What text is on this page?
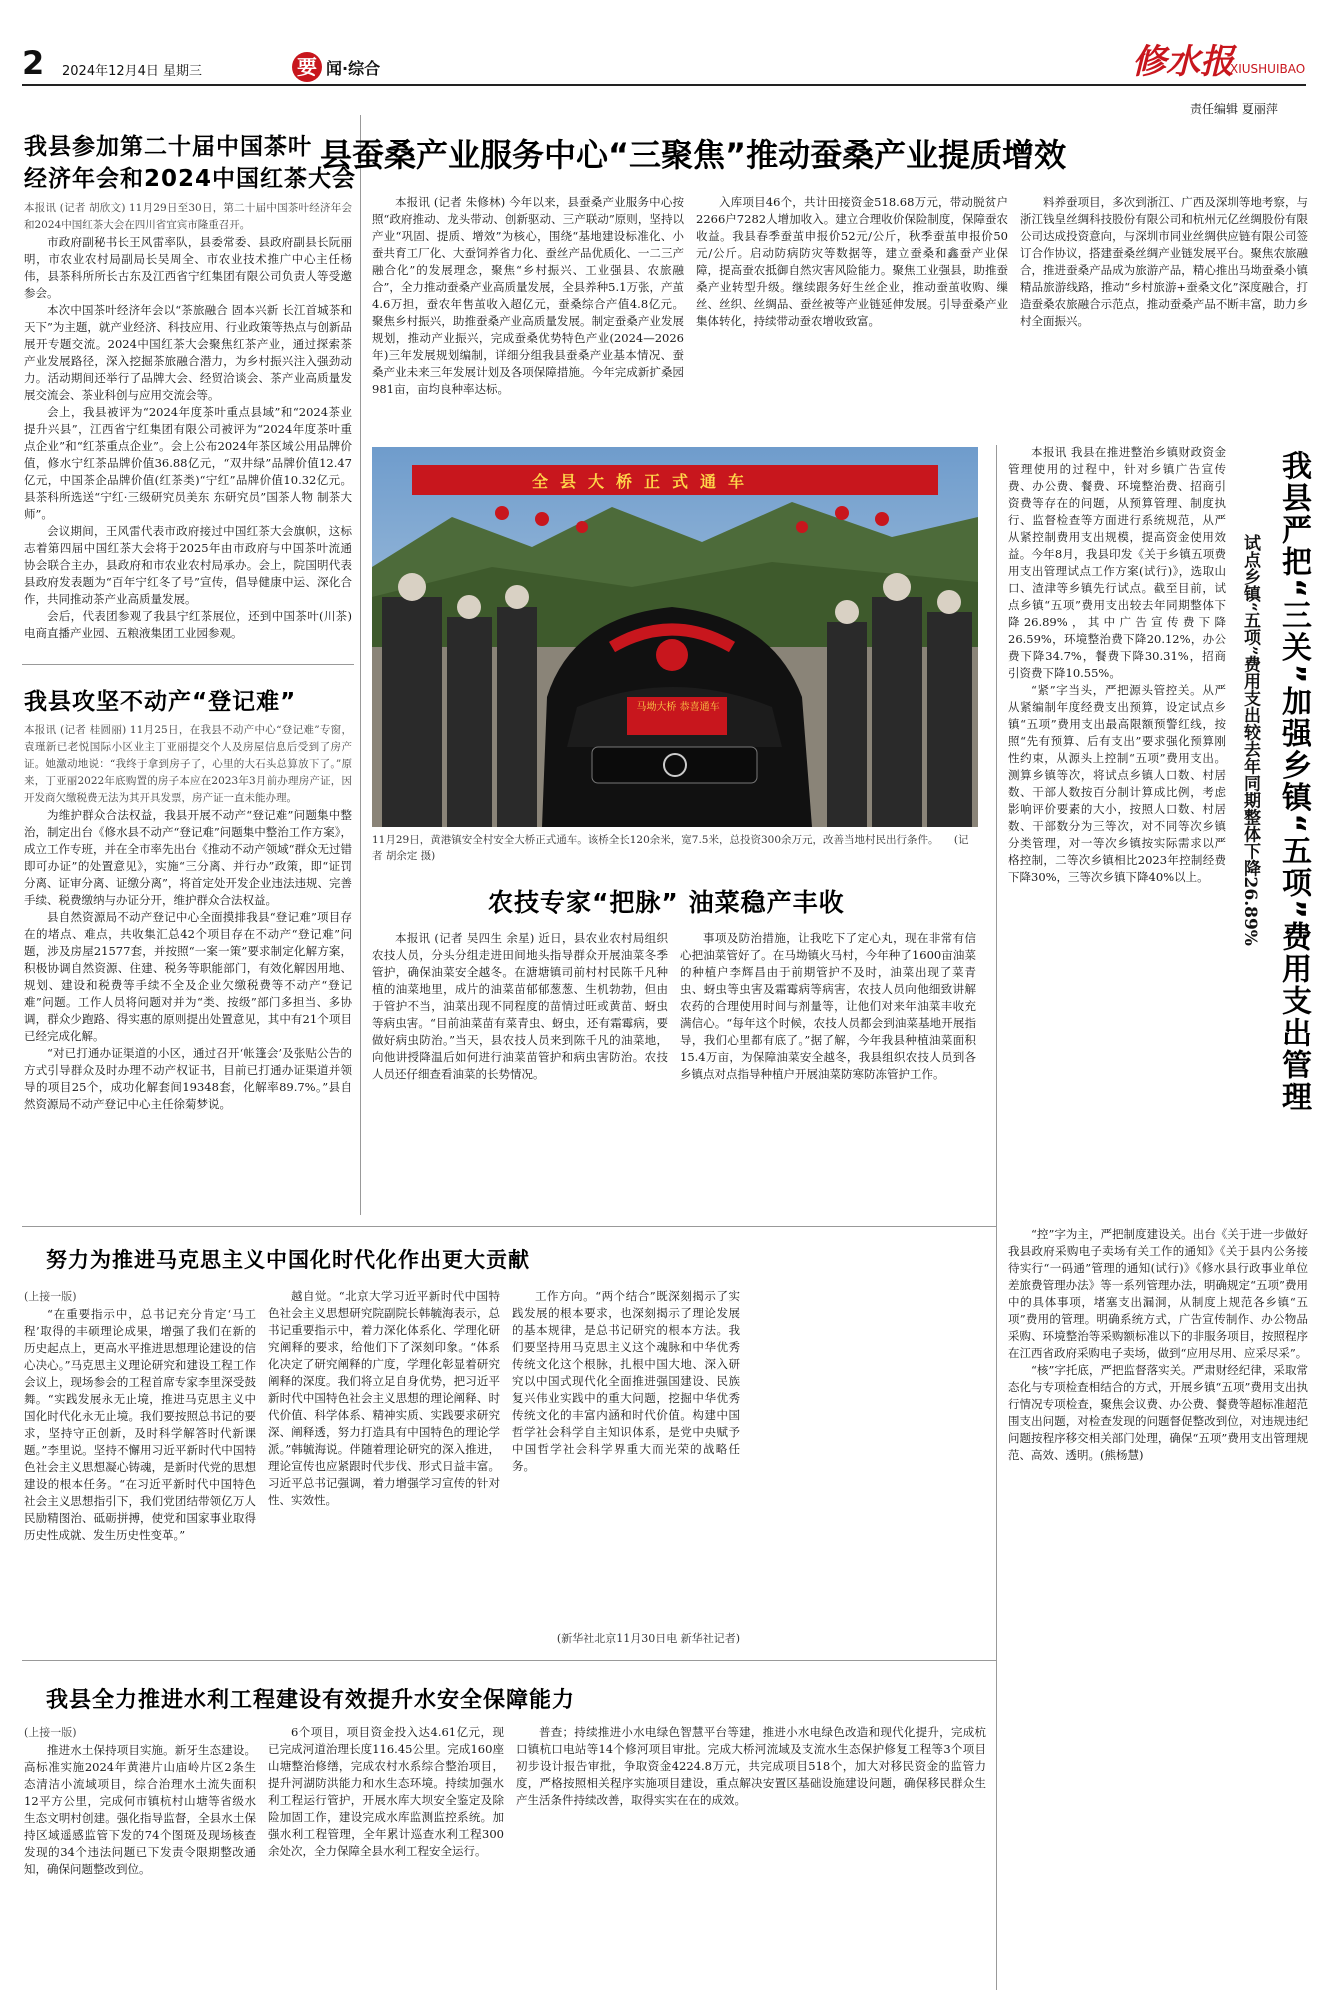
2 2024年12月4日 星期三	要 闻·综合	修水报
XIUSHUIBAO
责任编辑 夏丽萍
我县参加第二十届中国茶叶
经济年会和2024中国红茶大会

本报讯 (记者 胡欣文) 11月29日至30日，第二十届中国茶叶经济年会和2024中国红茶大会在四川省宜宾市隆重召开。

市政府副秘书长王风雷率队，县委常委、县政府副县长阮丽明，市农业农村局副局长吴周全、市农业技术推广中心主任杨伟，县茶科所所长古东及江西省宁红集团有限公司负责人等受邀参会。

本次中国茶叶经济年会以“茶旅融合 固本兴新 长江首城茶和天下”为主题，就产业经济、科技应用、行业政策等热点与创新品展开专题交流。2024中国红茶大会聚焦红茶产业，通过探索茶产业发展路径，深入挖掘茶旅融合潜力，为乡村振兴注入强劲动力。活动期间还举行了品牌大会、经贸洽谈会、茶产业高质量发展交流会、茶业科创与应用交流会等。

会上，我县被评为“2024年度茶叶重点县域”和“2024茶业提升兴县”，江西省宁红集团有限公司被评为“2024年度茶叶重点企业”和“红茶重点企业”。会上公布2024年茶区域公用品牌价值，修水宁红茶品牌价值36.88亿元，“双井绿”品牌价值12.47亿元，中国茶企品牌价值(红茶类)“宁红”品牌价值10.32亿元。县茶科所选送“宁红·三级研究员美东 东研究员”国茶人物 制茶大师”。

会议期间，王风雷代表市政府接过中国红茶大会旗帜，这标志着第四届中国红茶大会将于2025年由市政府与中国茶叶流通协会联合主办，县政府和市农业农村局承办。会上，院国明代表县政府发表题为“百年宁红冬了号”宣传，倡导健康中运、深化合作，共同推动茶产业高质量发展。

会后，代表团参观了我县宁红茶展位，还到中国茶叶(川茶)电商直播产业园、五粮液集团工业园参观。

我县攻坚不动产“登记难”

本报讯 (记者 桂圆丽) 11月25日，在我县不动产中心“登记难”专窗，袁瑾新已老悦国际小区业主丁亚丽提交个人及房屋信息后受到了房产证。她激动地说：“我终于拿到房子了，心里的大石头总算放下了。”原来，丁亚丽2022年底购置的房子本应在2023年3月前办理房产证，因开发商欠缴税费无法为其开具发票，房产证一直未能办理。

为维护群众合法权益，我县开展不动产“登记难”问题集中整治，制定出台《修水县不动产“登记难”问题集中整治工作方案》，成立工作专班，并在全市率先出台《推动不动产领域“群众无过错即可办证”的处置意见》，实施“三分离、并行办”政策，即“证罚分离、证审分离、证缴分离”，将首定处开发企业违法违规、完善手续、税费缴纳与办证分开，维护群众合法权益。

县自然资源局不动产登记中心全面摸排我县“登记难”项目存在的堵点、难点，共收集汇总42个项目存在不动产“登记难”问题，涉及房屋21577套，并按照“一案一策”要求制定化解方案，积极协调自然资源、住建、税务等职能部门，有效化解因用地、规划、建设和税费等手续不全及企业欠缴税费等不动产“登记难”问题。工作人员将问题对并为“类、按级”部门多担当、多协调，群众少跑路、得实惠的原则提出处置意见，其中有21个项目已经完成化解。

“对已打通办证渠道的小区，通过召开‘帐篷会’及张贴公告的方式引导群众及时办理不动产权证书，目前已打通办证渠道并领导的项目25个，成功化解套间19348套，化解率89.7%。”县自然资源局不动产登记中心主任徐菊梦说。

县蚕桑产业服务中心“三聚焦”推动蚕桑产业提质增效
本报讯 (记者 朱修林) 今年以来，县蚕桑产业服务中心按照“政府推动、龙头带动、创新驱动、三产联动”原则，坚持以产业“巩固、提质、增效”为核心，围绕“基地建设标准化、小蚕共育工厂化、大蚕饲养省力化、蚕丝产品优质化、一二三产融合化”的发展理念，聚焦“乡村振兴、工业强县、农旅融合”，全力推动蚕桑产业高质量发展，全县养种5.1万张，产茧4.6万担，蚕农年售茧收入超亿元，蚕桑综合产值4.8亿元。聚焦乡村振兴，助推蚕桑产业高质量发展。制定蚕桑产业发展规划，推动产业振兴，完成蚕桑优势特色产业(2024—2026年)三年发展规划编制，详细分组我县蚕桑产业基本情况、蚕桑产业未来三年发展计划及各项保障措施。今年完成新扩桑园981亩，亩均良种率达标。
入库项目46个，共计田接资金518.68万元，带动脱贫户2266户7282人增加收入。建立合理收价保险制度，保障蚕农收益。我县春季蚕茧申报价52元/公斤，秋季蚕茧申报价50元/公斤。启动防病防灾等数据等，建立蚕桑和鑫蚕产业保障，提高蚕农抵御自然灾害风险能力。聚焦工业强县，助推蚕桑产业转型升级。继续跟务好生丝企业，推动蚕茧收购、缫丝、丝织、丝绸品、蚕丝被等产业链延伸发展。引导蚕桑产业集体转化，持续带动蚕农增收致富。
料养蚕项目，多次到浙江、广西及深圳等地考察，与浙江钱皇丝绸科技股份有限公司和杭州元亿丝绸股份有限公司达成投资意向，与深圳市同业丝绸供应链有限公司签订合作协议，搭建蚕桑丝绸产业链发展平台。聚焦农旅融合，推进蚕桑产品成为旅游产品，精心推出马坳蚕桑小镇精品旅游线路，推动“乡村旅游+蚕桑文化”深度融合，打造蚕桑农旅融合示范点，推动蚕桑产品不断丰富，助力乡村全面振兴。
全县大桥正式通车
马坳大桥 恭喜通车
11月29日，黄港镇安全村安全大桥正式通车。该桥全长120余米，宽7.5米，总投资300余万元，改善当地村民出行条件。 (记者 胡余定 摄)
农技专家“把脉” 油菜稳产丰收
本报讯 (记者 吴四生 余星) 近日，县农业农村局组织农技人员，分头分组走进田间地头指导群众开展油菜冬季管护，确保油菜安全越冬。在溏塘镇司前村村民陈千凡种植的油菜地里，成片的油菜苗郁郁葱葱、生机勃勃，但由于管护不当，油菜出现不同程度的苗情过旺或黄苗、蚜虫等病虫害。“目前油菜苗有菜青虫、蚜虫，还有霜霉病，要做好病虫防治。”当天，县农技人员来到陈千凡的油菜地，向他讲授降温后如何进行油菜苗管护和病虫害防治。农技人员还仔细查看油菜的长势情况。
事项及防治措施，让我吃下了定心丸，现在非常有信心把油菜管好了。在马坳镇火马村，今年种了1600亩油菜的种植户李辉昌由于前期管护不及时，油菜出现了菜青虫、蚜虫等虫害及霜霉病等病害，农技人员向他细致讲解农药的合理使用时间与剂量等，让他们对来年油菜丰收充满信心。“每年这个时候，农技人员都会到油菜基地开展指导，我们心里都有底了。”据了解，今年我县种植油菜面积15.4万亩，为保障油菜安全越冬，我县组织农技人员到各乡镇点对点指导种植户开展油菜防寒防冻管护工作。

本报讯 我县在推进整治乡镇财政资金管理使用的过程中，针对乡镇广告宣传费、办公费、餐费、环境整治费、招商引资费等存在的问题，从预算管理、制度执行、监督检查等方面进行系统规范，从严从紧控制费用支出规模，提高资金使用效益。今年8月，我县印发《关于乡镇五项费用支出管理试点工作方案(试行)》，选取山口、渣津等乡镇先行试点。截至目前，试点乡镇“五项”费用支出较去年同期整体下降26.89%，其中广告宣传费下降26.59%，环境整治费下降20.12%，办公费下降34.7%，餐费下降30.31%，招商引资费下降10.55%。

“紧”字当头，严把源头管控关。从严从紧编制年度经费支出预算，设定试点乡镇“五项”费用支出最高限额预警红线，按照“先有预算、后有支出”要求强化预算刚性约束，从源头上控制“五项”费用支出。测算乡镇等次，将试点乡镇人口数、村居数、干部人数按百分制计算成比例，考虑影响评价要素的大小，按照人口数、村居数、干部数分为三等次，对不同等次乡镇分类管理，对一等次乡镇按实际需求以严格控制，二等次乡镇相比2023年控制经费下降30%，三等次乡镇下降40%以上。	我县严把“三关”加强乡镇“五项”费用支出管理
试点乡镇“五项”费用支出较去年同期整体下降26.89%

“控”字为主，严把制度建设关。出台《关于进一步做好我县政府采购电子卖场有关工作的通知》《关于县内公务接待实行“一码通”管理的通知(试行)》《修水县行政事业单位差旅费管理办法》等一系列管理办法，明确规定“五项”费用中的具体事项，堵塞支出漏洞，从制度上规范各乡镇“五项”费用的管理。明确系统方式，广告宣传制作、办公物品采购、环境整治等采购额标准以下的非服务项目，按照程序在江西省政府采购电子卖场，做到“应用尽用、应采尽采”。

“核”字托底，严把监督落实关。严肃财经纪律，采取常态化与专项检查相结合的方式，开展乡镇“五项”费用支出执行情况专项检查，聚焦会议费、办公费、餐费等超标准超范围支出问题，对检查发现的问题督促整改到位，对违规违纪问题按程序移交相关部门处理，确保“五项”费用支出管理规范、高效、透明。(熊杨慧)

努力为推进马克思主义中国化时代化作出更大贡献
(上接一版)
“在重要指示中，总书记充分肯定‘马工程’取得的丰硕理论成果，增强了我们在新的历史起点上，更高水平推进思想理论建设的信心决心。”马克思主义理论研究和建设工程工作会议上，现场参会的工程首席专家李里深受鼓舞。“实践发展永无止境，推进马克思主义中国化时代化永无止境。我们要按照总书记的要求，坚持守正创新，及时科学解答时代新课题。”李里说。坚持不懈用习近平新时代中国特色社会主义思想凝心铸魂，是新时代党的思想建设的根本任务。“在习近平新时代中国特色社会主义思想指引下，我们党团结带领亿万人民励精图治、砥砺拼搏，使党和国家事业取得历史性成就、发生历史性变革。”
越自觉。“北京大学习近平新时代中国特色社会主义思想研究院副院长韩毓海表示，总书记重要指示中，着力深化体系化、学理化研究阐释的要求，给他们下了深刻印象。“体系化决定了研究阐释的广度，学理化彰显着研究阐释的深度。我们将立足自身优势，把习近平新时代中国特色社会主义思想的理论阐释、时代价值、科学体系、精神实质、实践要求研究深、阐释透，努力打造具有中国特色的理论学派。”韩毓海说。伴随着理论研究的深入推进，理论宣传也应紧跟时代步伐、形式日益丰富。习近平总书记强调，着力增强学习宣传的针对性、实效性。
工作方向。“两个结合”既深刻揭示了实践发展的根本要求，也深刻揭示了理论发展的基本规律，是总书记研究的根本方法。我们要坚持用马克思主义这个魂脉和中华优秀传统文化这个根脉，扎根中国大地、深入研究以中国式现代化全面推进强国建设、民族复兴伟业实践中的重大问题，挖掘中华优秀传统文化的丰富内涵和时代价值。构建中国哲学社会科学自主知识体系，是党中央赋予中国哲学社会科学界重大而光荣的战略任务。
(新华社北京11月30日电 新华社记者)
我县全力推进水利工程建设有效提升水安全保障能力
(上接一版)
推进水土保持项目实施。新牙生态建设。高标准实施2024年黄港片山庙岭片区2条生态清洁小流域项目，综合治理水土流失面积12平方公里，完成何市镇杭村山塘等省级水生态文明村创建。强化指导监督，全县水土保持区域遥感监管下发的74个图斑及现场核查发现的34个违法问题已下发责令限期整改通知，确保问题整改到位。
6个项目，项目资金投入达4.61亿元，现已完成河道治理长度116.45公里。完成160座山塘整治修缮，完成农村水系综合整治项目，提升河湖防洪能力和水生态环境。持续加强水利工程运行管护，开展水库大坝安全鉴定及除险加固工作，建设完成水库监测监控系统。加强水利工程管理，全年累计巡查水利工程300余处次，全力保障全县水利工程安全运行。
普查；持续推进小水电绿色智慧平台等建，推进小水电绿色改造和现代化提升，完成杭口镇杭口电站等14个修河项目审批。完成大桥河流域及支流水生态保护修复工程等3个项目初步设计报告审批，争取资金4224.8万元，共完成项目518个，加大对移民资金的监管力度，严格按照相关程序实施项目建设，重点解决安置区基础设施建设问题，确保移民群众生产生活条件持续改善，取得实实在在的成效。
